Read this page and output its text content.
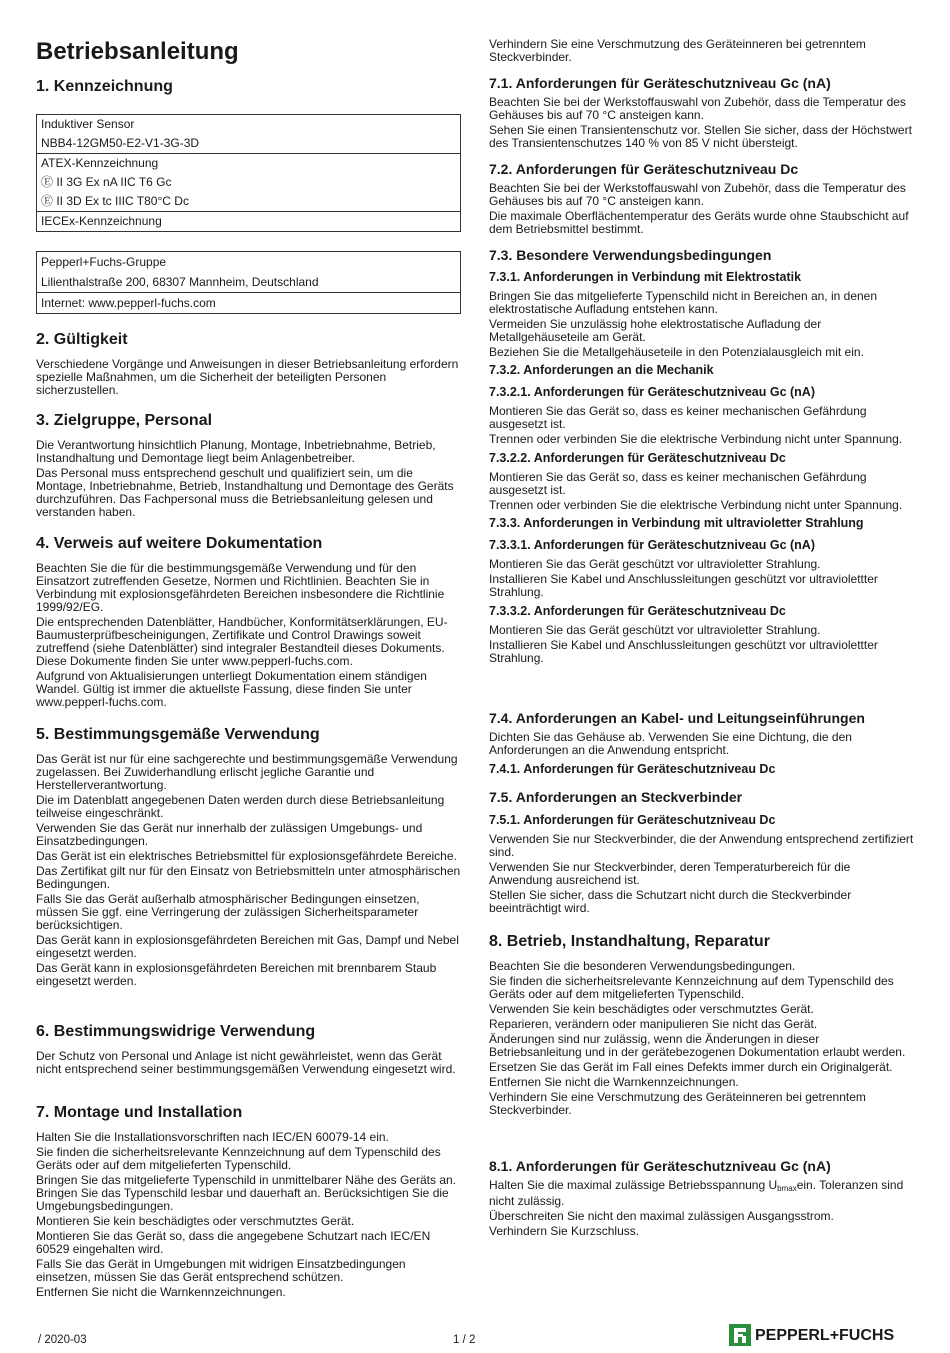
Betriebsanleitung
1. Kennzeichnung
Induktiver Sensor
NBB4-12GM50-E2-V1-3G-3D
ATEX-Kennzeichnung
Ⓔ II 3G Ex nA IIC T6 Gc
Ⓔ II 3D Ex tc IIIC T80°C Dc
IECEx-Kennzeichnung
Pepperl+Fuchs-Gruppe
Lilienthalstraße 200, 68307 Mannheim, Deutschland
Internet: www.pepperl-fuchs.com
2. Gültigkeit

Verschiedene Vorgänge und Anweisungen in dieser Betriebsanleitung erfordern spezielle Maßnahmen, um die Sicherheit der beteiligten Personen sicherzustellen.

3. Zielgruppe, Personal

Die Verantwortung hinsichtlich Planung, Montage, Inbetriebnahme, Betrieb, Instandhaltung und Demontage liegt beim Anlagenbetreiber.

Das Personal muss entsprechend geschult und qualifiziert sein, um die Montage, Inbetriebnahme, Betrieb, Instandhaltung und Demontage des Geräts durchzuführen. Das Fachpersonal muss die Betriebsanleitung gelesen und verstanden haben.

4. Verweis auf weitere Dokumentation

Beachten Sie die für die bestimmungsgemäße Verwendung und für den Einsatzort zutreffenden Gesetze, Normen und Richtlinien. Beachten Sie in Verbindung mit explosionsgefährdeten Bereichen insbesondere die Richtlinie 1999/92/EG.

Die entsprechenden Datenblätter, Handbücher, Konformitätserklärungen, EU-Baumusterprüfbescheinigungen, Zertifikate und Control Drawings soweit zutreffend (siehe Datenblätter) sind integraler Bestandteil dieses Dokuments. Diese Dokumente finden Sie unter www.pepperl-fuchs.com.

Aufgrund von Aktualisierungen unterliegt Dokumentation einem ständigen Wandel. Gültig ist immer die aktuellste Fassung, diese finden Sie unter www.pepperl-fuchs.com.

5. Bestimmungsgemäße Verwendung

Das Gerät ist nur für eine sachgerechte und bestimmungsgemäße Verwendung zugelassen. Bei Zuwiderhandlung erlischt jegliche Garantie und Herstellerverantwortung.

Die im Datenblatt angegebenen Daten werden durch diese Betriebsanleitung teilweise eingeschränkt.

Verwenden Sie das Gerät nur innerhalb der zulässigen Umgebungs- und Einsatzbedingungen.

Das Gerät ist ein elektrisches Betriebsmittel für explosionsgefährdete Bereiche.

Das Zertifikat gilt nur für den Einsatz von Betriebsmitteln unter atmosphärischen Bedingungen.

Falls Sie das Gerät außerhalb atmosphärischer Bedingungen einsetzen, müssen Sie ggf. eine Verringerung der zulässigen Sicherheitsparameter berücksichtigen.

Das Gerät kann in explosionsgefährdeten Bereichen mit Gas, Dampf und Nebel eingesetzt werden.

Das Gerät kann in explosionsgefährdeten Bereichen mit brennbarem Staub eingesetzt werden.

6. Bestimmungswidrige Verwendung

Der Schutz von Personal und Anlage ist nicht gewährleistet, wenn das Gerät nicht entsprechend seiner bestimmungsgemäßen Verwendung eingesetzt wird.

7. Montage und Installation

Halten Sie die Installationsvorschriften nach IEC/EN 60079-14 ein.

Sie finden die sicherheitsrelevante Kennzeichnung auf dem Typenschild des Geräts oder auf dem mitgelieferten Typenschild.

Bringen Sie das mitgelieferte Typenschild in unmittelbarer Nähe des Geräts an. Bringen Sie das Typenschild lesbar und dauerhaft an. Berücksichtigen Sie die Umgebungsbedingungen.

Montieren Sie kein beschädigtes oder verschmutztes Gerät.

Montieren Sie das Gerät so, dass die angegebene Schutzart nach IEC/EN 60529 eingehalten wird.

Falls Sie das Gerät in Umgebungen mit widrigen Einsatzbedingungen einsetzen, müssen Sie das Gerät entsprechend schützen.

Entfernen Sie nicht die Warnkennzeichnungen.

Verhindern Sie eine Verschmutzung des Geräteinneren bei getrenntem Steckverbinder.

7.1. Anforderungen für Geräteschutzniveau Gc (nA)

Beachten Sie bei der Werkstoffauswahl von Zubehör, dass die Temperatur des Gehäuses bis auf 70 °C ansteigen kann.

Sehen Sie einen Transientenschutz vor. Stellen Sie sicher, dass der Höchstwert des Transientenschutzes 140 % von 85 V nicht übersteigt.

7.2. Anforderungen für Geräteschutzniveau Dc

Beachten Sie bei der Werkstoffauswahl von Zubehör, dass die Temperatur des Gehäuses bis auf 70 °C ansteigen kann.

Die maximale Oberflächentemperatur des Geräts wurde ohne Staubschicht auf dem Betriebsmittel bestimmt.

7.3. Besondere Verwendungsbedingungen
7.3.1. Anforderungen in Verbindung mit Elektrostatik

Bringen Sie das mitgelieferte Typenschild nicht in Bereichen an, in denen elektrostatische Aufladung entstehen kann.

Vermeiden Sie unzulässig hohe elektrostatische Aufladung der Metallgehäuseteile am Gerät.

Beziehen Sie die Metallgehäuseteile in den Potenzialausgleich mit ein.

7.3.2. Anforderungen an die Mechanik
7.3.2.1. Anforderungen für Geräteschutzniveau Gc (nA)

Montieren Sie das Gerät so, dass es keiner mechanischen Gefährdung ausgesetzt ist.

Trennen oder verbinden Sie die elektrische Verbindung nicht unter Spannung.

7.3.2.2. Anforderungen für Geräteschutzniveau Dc

Montieren Sie das Gerät so, dass es keiner mechanischen Gefährdung ausgesetzt ist.

Trennen oder verbinden Sie die elektrische Verbindung nicht unter Spannung.

7.3.3. Anforderungen in Verbindung mit ultravioletter Strahlung
7.3.3.1. Anforderungen für Geräteschutzniveau Gc (nA)

Montieren Sie das Gerät geschützt vor ultravioletter Strahlung.

Installieren Sie Kabel und Anschlussleitungen geschützt vor ultraviolettter Strahlung.

7.3.3.2. Anforderungen für Geräteschutzniveau Dc

Montieren Sie das Gerät geschützt vor ultravioletter Strahlung.

Installieren Sie Kabel und Anschlussleitungen geschützt vor ultraviolettter Strahlung.

7.4. Anforderungen an Kabel- und Leitungseinführungen

Dichten Sie das Gehäuse ab. Verwenden Sie eine Dichtung, die den Anforderungen an die Anwendung entspricht.

7.4.1. Anforderungen für Geräteschutzniveau Dc
7.5. Anforderungen an Steckverbinder
7.5.1. Anforderungen für Geräteschutzniveau Dc

Verwenden Sie nur Steckverbinder, die der Anwendung entsprechend zertifiziert sind.

Verwenden Sie nur Steckverbinder, deren Temperaturbereich für die Anwendung ausreichend ist.

Stellen Sie sicher, dass die Schutzart nicht durch die Steckverbinder beeinträchtigt wird.

8. Betrieb, Instandhaltung, Reparatur

Beachten Sie die besonderen Verwendungsbedingungen.

Sie finden die sicherheitsrelevante Kennzeichnung auf dem Typenschild des Geräts oder auf dem mitgelieferten Typenschild.

Verwenden Sie kein beschädigtes oder verschmutztes Gerät.

Reparieren, verändern oder manipulieren Sie nicht das Gerät.

Änderungen sind nur zulässig, wenn die Änderungen in dieser Betriebsanleitung und in der gerätebezogenen Dokumentation erlaubt werden.

Ersetzen Sie das Gerät im Fall eines Defekts immer durch ein Originalgerät.

Entfernen Sie nicht die Warnkennzeichnungen.

Verhindern Sie eine Verschmutzung des Geräteinneren bei getrenntem Steckverbinder.

8.1. Anforderungen für Geräteschutzniveau Gc (nA)

Halten Sie die maximal zulässige Betriebsspannung $U_{bmax}ein$. Toleranzen sind nicht zulässig.

Überschreiten Sie nicht den maximal zulässigen Ausgangsstrom.

Verhindern Sie Kurzschluss.

/ 2020-03	1 / 2	PEPPERL+FUCHS
